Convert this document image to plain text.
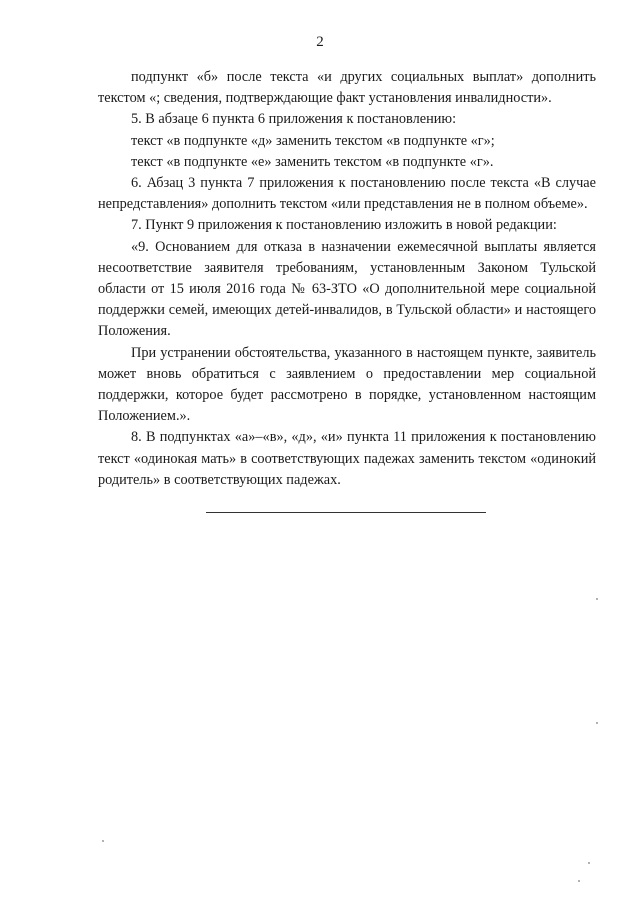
2

подпункт «б» после текста «и других социальных выплат» дополнить текстом «; сведения, подтверждающие факт установления инвалидности».

5. В абзаце 6 пункта 6 приложения к постановлению:

текст «в подпункте «д» заменить текстом «в подпункте «г»;

текст «в подпункте «е» заменить текстом «в подпункте «г».

6. Абзац 3 пункта 7 приложения к постановлению после текста «В случае непредставления» дополнить текстом «или представления не в полном объеме».

7. Пункт 9 приложения к постановлению изложить в новой редакции:

«9. Основанием для отказа в назначении ежемесячной выплаты является несоответствие заявителя требованиям, установленным Законом Тульской области от 15 июля 2016 года № 63-ЗТО «О дополнительной мере социальной поддержки семей, имеющих детей-инвалидов, в Тульской области» и настоящего Положения.

При устранении обстоятельства, указанного в настоящем пункте, заявитель может вновь обратиться с заявлением о предоставлении мер социальной поддержки, которое будет рассмотрено в порядке, установленном настоящим Положением.».

8. В подпунктах «а»–«в», «д», «и» пункта 11 приложения к постановлению текст «одинокая мать» в соответствующих падежах заменить текстом «одинокий родитель» в соответствующих падежах.
